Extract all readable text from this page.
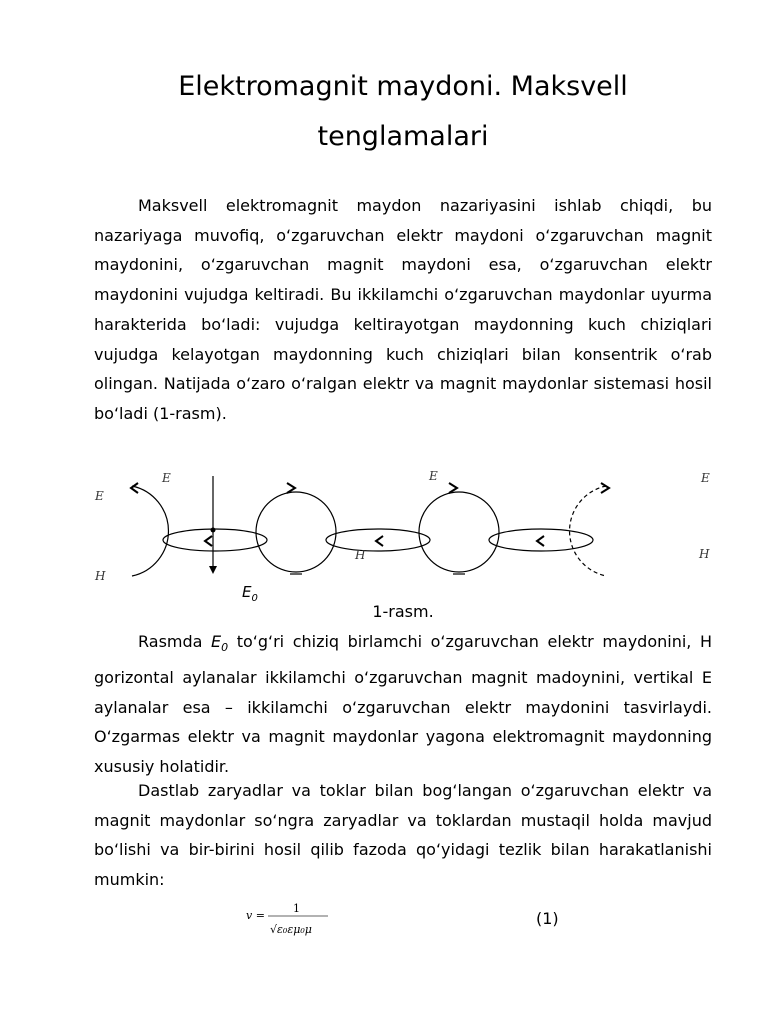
Elektromagnit maydoni. Maksvell tenglamalari

Maksvell elektromagnit maydon nazariyasini ishlab chiqdi, bu nazariyaga muvofiq, o‘zgaruvchan elektr maydoni o‘zgaruvchan magnit maydonini, o‘zgaruvchan magnit maydoni esa, o‘zgaruvchan elektr maydonini vujudga keltiradi. Bu ikkilamchi o‘zgaruvchan maydonlar uyurma harakterida bo‘ladi: vujudga keltirayotgan maydonning kuch chiziqlari vujudga kelayotgan maydonning kuch chiziqlari bilan konsentrik o‘rab olingan. Natijada o‘zaro o‘ralgan elektr va magnit maydonlar sistemasi hosil bo‘ladi (1-rasm).

E
H
E	E
H
E
H
$E_0$
1-rasm.

Rasmda $E_0$ to‘g‘ri chiziq birlamchi o‘zgaruvchan elektr maydonini, H gorizontal aylanalar ikkilamchi o‘zgaruvchan magnit madoynini, vertikal E aylanalar esa – ikkilamchi o‘zgaruvchan elektr maydonini tasvirlaydi. O‘zgarmas elektr va magnit maydonlar yagona elektromagnit maydonning xususiy holatidir.

Dastlab zaryadlar va toklar bilan bog‘langan o‘zgaruvchan elektr va magnit maydonlar so‘ngra zaryadlar va toklardan mustaqil holda mavjud bo‘lishi va bir-birini hosil qilib fazoda qo‘yidagi tezlik bilan harakatlanishi mumkin:

v =
1
√ε₀εμ₀μ
(1)
